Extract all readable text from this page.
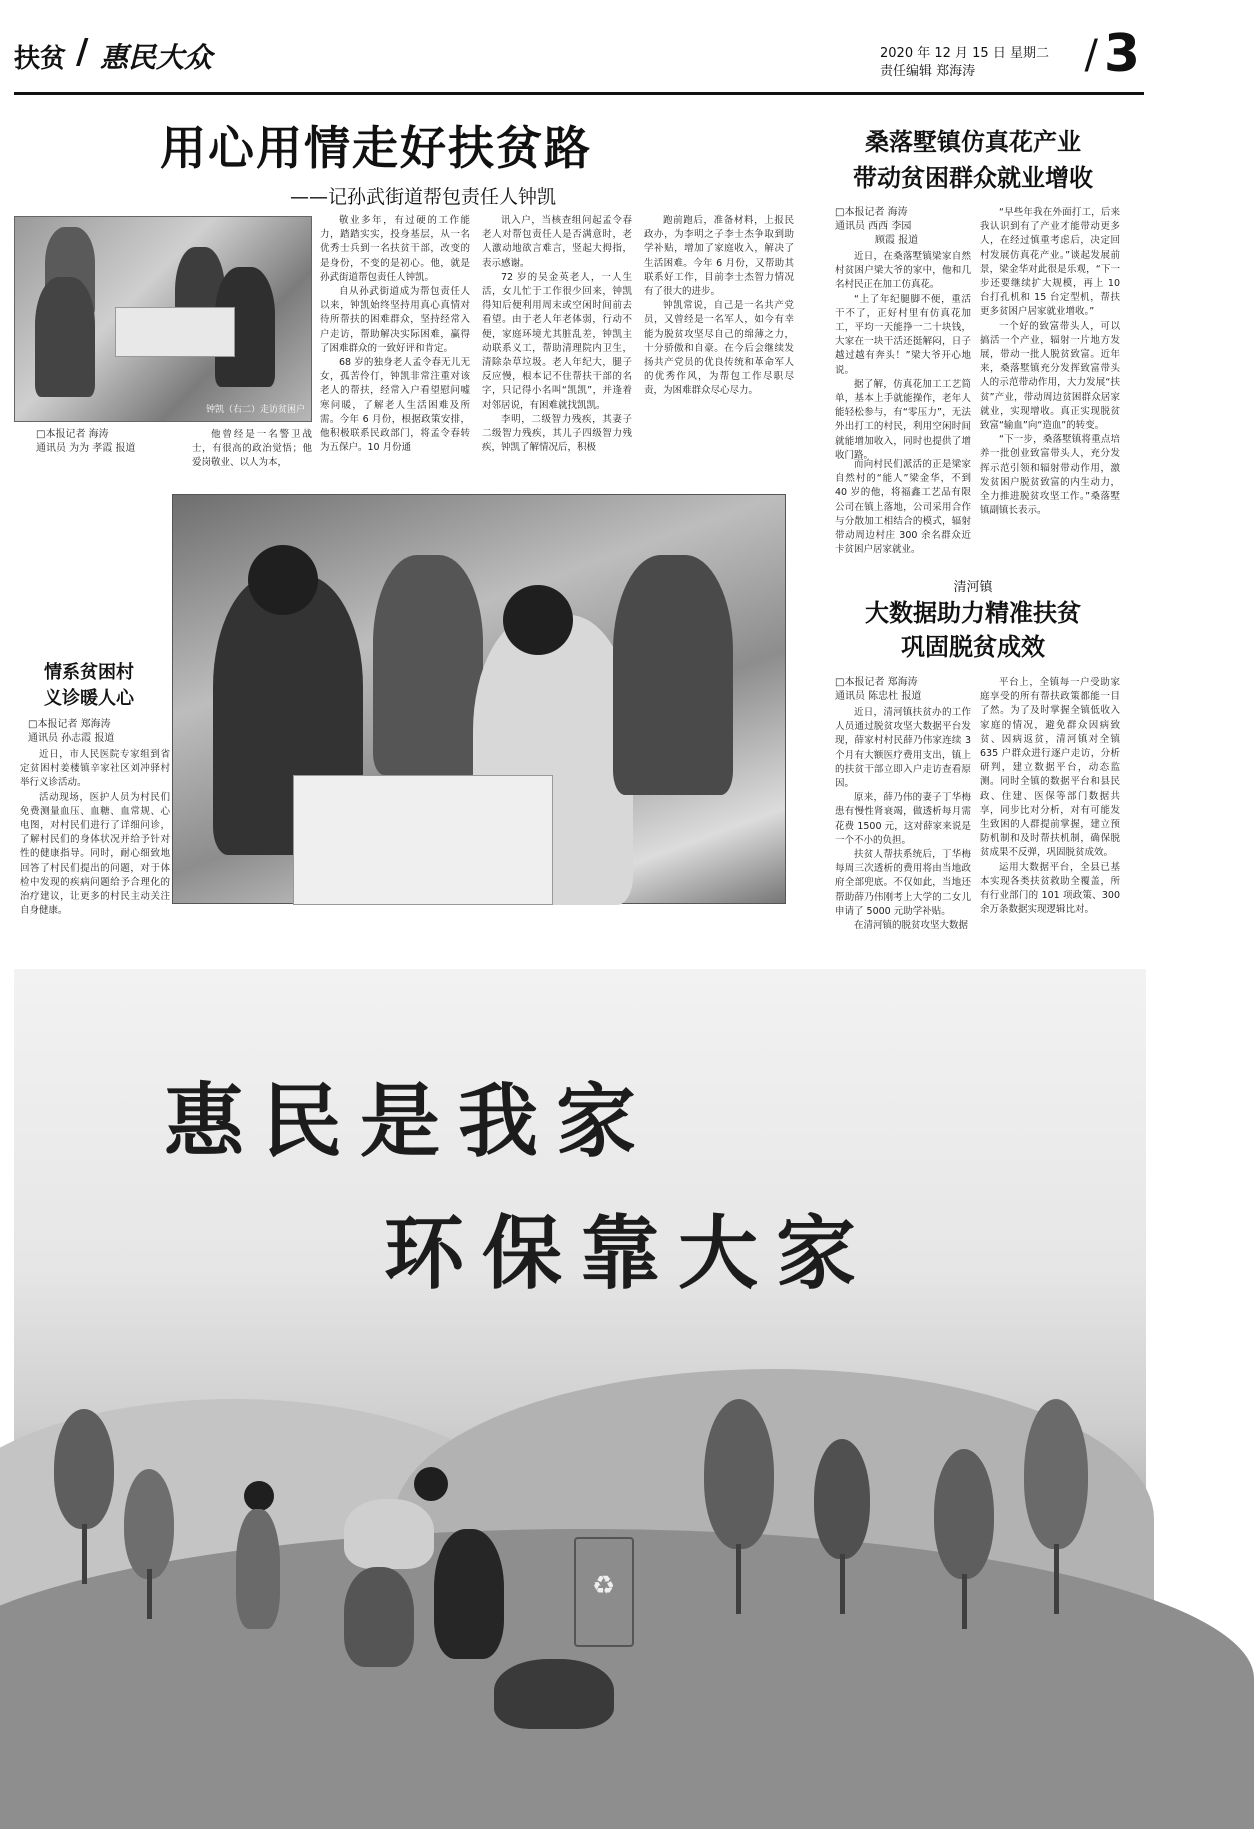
扶贫 / 惠民大众	2020 年 12 月 15 日 星期二
责任编辑 郑海涛	/ 3
用心用情走好扶贫路
——记孙武街道帮包责任人钟凯
钟凯（右二）走访贫困户
□本报记者 海涛
通讯员 为为 孝霞 报道

他曾经是一名警卫战士，有很高的政治觉悟；他爱岗敬业、以人为本，

敬业多年，有过硬的工作能力，踏踏实实，投身基层，从一名优秀士兵到一名扶贫干部，改变的是身份，不变的是初心。他，就是孙武街道帮包责任人钟凯。

自从孙武街道成为帮包责任人以来，钟凯始终坚持用真心真情对待所帮扶的困难群众，坚持经常入户走访，帮助解决实际困难，赢得了困难群众的一致好评和肯定。

68 岁的独身老人孟令春无儿无女，孤苦伶仃，钟凯非常注重对该老人的帮扶，经常入户看望慰问嘘寒问暖，了解老人生活困难及所需。今年 6 月份，根据政策安排，他积极联系民政部门，将孟令春转为五保户。10 月份通

讯入户，当核查组问起孟令春老人对帮包责任人是否满意时，老人激动地欲言难言，竖起大拇指，表示感谢。

72 岁的吴金英老人，一人生活，女儿忙于工作很少回来，钟凯得知后便利用周末或空闲时间前去看望。由于老人年老体弱，行动不便，家庭环境尤其脏乱差，钟凯主动联系义工，帮助清理院内卫生，清除杂草垃圾。老人年纪大，腿子反应慢，根本记不住帮扶干部的名字，只记得小名叫“凯凯”，并逢着对邻居说，有困难就找凯凯。

李明，二级智力残疾，其妻子二级智力残疾，其儿子四级智力残疾，钟凯了解情况后，积极

跑前跑后，准备材料，上报民政办，为李明之子李士杰争取到助学补贴，增加了家庭收入，解决了生活困难。今年 6 月份，又帮助其联系好工作，目前李士杰智力情况有了很大的进步。

钟凯常说，自己是一名共产党员，又曾经是一名军人，如今有幸能为脱贫攻坚尽自己的绵薄之力，十分骄傲和自豪。在今后会继续发扬共产党员的优良传统和革命军人的优秀作风，为帮包工作尽职尽责，为困难群众尽心尽力。

桑落墅镇仿真花产业
带动贫困群众就业增收
□本报记者 海涛
通讯员 西西 李园
顾霞 报道

近日，在桑落墅镇梁家自然村贫困户梁大爷的家中，他和几名村民正在加工仿真花。

“上了年纪腿脚不便，重活干不了，正好村里有仿真花加工，平均一天能挣一二十块钱，大家在一块干活还挺解闷，日子越过越有奔头！”梁大爷开心地说。

据了解，仿真花加工工艺简单，基本上手就能操作，老年人能轻松参与，有“零压力”，无法外出打工的村民，利用空闲时间就能增加收入，同时也提供了增收门路。

而向村民们派活的正是梁家自然村的“能人”梁金华，不到 40 岁的他，将福鑫工艺品有限公司在镇上落地，公司采用合作与分散加工相结合的模式，辐射带动周边村庄 300 余名群众近卡贫困户居家就业。

“早些年我在外面打工，后来我认识到有了产业才能带动更多人，在经过慎重考虑后，决定回村发展仿真花产业。”谈起发展前景，梁金华对此很是乐观，“下一步还要继续扩大规模，再上 10 台打孔机和 15 台定型机，帮扶更多贫困户居家就业增收。”

一个好的致富带头人，可以搞活一个产业，辐射一片地方发展，带动一批人脱贫致富。近年来，桑落墅镇充分发挥致富带头人的示范带动作用，大力发展“扶贫”产业，带动周边贫困群众居家就业，实现增收。真正实现脱贫致富“输血”向“造血”的转变。

“下一步，桑落墅镇将重点培养一批创业致富带头人，充分发挥示范引领和辐射带动作用，激发贫困户脱贫致富的内生动力，全力推进脱贫攻坚工作。”桑落墅镇副镇长表示。

清河镇
大数据助力精准扶贫
巩固脱贫成效
□本报记者 郑海涛
通讯员 陈忠杜 报道

近日，清河镇扶贫办的工作人员通过脱贫攻坚大数据平台发现，薛家村村民薛乃伟家连续 3 个月有大额医疗费用支出，镇上的扶贫干部立即入户走访查看原因。

原来，薛乃伟的妻子丁华梅患有慢性肾衰竭，做透析每月需花费 1500 元，这对薛家来说是一个不小的负担。

扶贫人帮扶系统后，丁华梅每周三次透析的费用将由当地政府全部兜底。不仅如此，当地还帮助薛乃伟刚考上大学的二女儿申请了 5000 元助学补贴。

在清河镇的脱贫攻坚大数据

平台上，全镇每一户受助家庭享受的所有帮扶政策都能一目了然。为了及时掌握全镇低收入家庭的情况，避免群众因病致贫、因病返贫，清河镇对全镇 635 户群众进行逐户走访，分析研判，建立数据平台，动态监测。同时全镇的数据平台和县民政、住建、医保等部门数据共享，同步比对分析，对有可能发生致困的人群提前掌握，建立预防机制和及时帮扶机制，确保脱贫成果不反弹，巩固脱贫成效。

运用大数据平台，全县已基本实现各类扶贫救助全覆盖，所有行业部门的 101 项政策、300 余万条数据实现逻辑比对。

情系贫困村
义诊暖人心
□本报记者 郑海涛
通讯员 孙志霞 报道

近日，市人民医院专家组到省定贫困村姜楼镇辛家社区刘冲驿村举行义诊活动。

活动现场，医护人员为村民们免费测量血压、血糖、血常规、心电图，对村民们进行了详细问诊，了解村民们的身体状况并给予针对性的健康指导。同时，耐心细致地回答了村民们提出的问题，对于体检中发现的疾病问题给予合理化的治疗建议，让更多的村民主动关注自身健康。

惠民是我家
环保靠大家
♻
